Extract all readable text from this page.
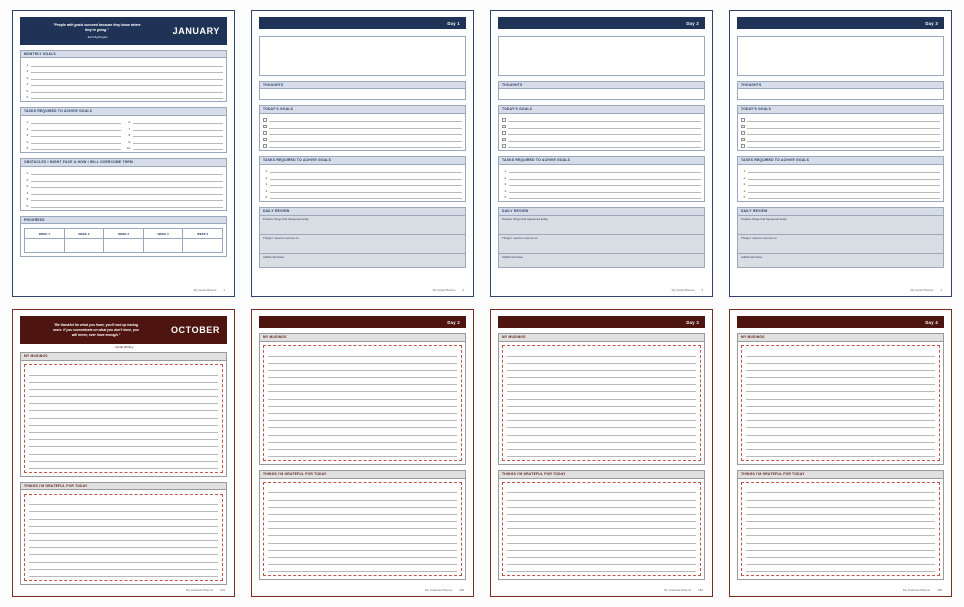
"People with goals succeed because they know where
they're going."
- Earl Nightingale
JANUARY
MONTHLY GOALS
1.
2.
3.
4.
5.
6.
TASKS REQUIRED TO ACHIVE GOALS
1.
2.
3.
4.
5.
6.
7.
8.
9.
10.
OBSTACLES I MIGHT FACE & HOW I WILL OVERCOME THEM
1.
2.
3.
4.
5.
6.
PROGRESS
WEEK 1	WEEK 2	WEEK 3	WEEK 4	WEEK 5

My Goals Planner 1
Day 1
THOUGHTS
TODAY'S GOALS
TASKS REQUIRED TO ACHIVE GOALS
1.
2.
3.
4.
5.
DAILY REVIEW
Positive things that happened today
Things I need to improve on
Additional Notes
My Goals Planner 2
Day 2
THOUGHTS
TODAY'S GOALS
TASKS REQUIRED TO ACHIVE GOALS
1.
2.
3.
4.
5.
DAILY REVIEW
Positive things that happened today
Things I need to improve on
Additional Notes
My Goals Planner 3
Day 3
THOUGHTS
TODAY'S GOALS
TASKS REQUIRED TO ACHIVE GOALS
1.
2.
3.
4.
5.
DAILY REVIEW
Positive things that happened today
Things I need to improve on
Additional Notes
My Goals Planner 4
"Be thankful for what you have; you'll end up having
more. If you concentrate on what you don't have, you
will never, ever have enough."	OCTOBER
- Oprah Winfrey
MY MUSINGS
THINGS I'M GRATEFUL FOR TODAY
My Gratitude Planner 181
Day 2
MY MUSINGS
THINGS I'M GRATEFUL FOR TODAY
My Gratitude Planner 183
Day 3
MY MUSINGS
THINGS I'M GRATEFUL FOR TODAY
My Gratitude Planner 184
Day 4
MY MUSINGS
THINGS I'M GRATEFUL FOR TODAY
My Gratitude Planner 185
